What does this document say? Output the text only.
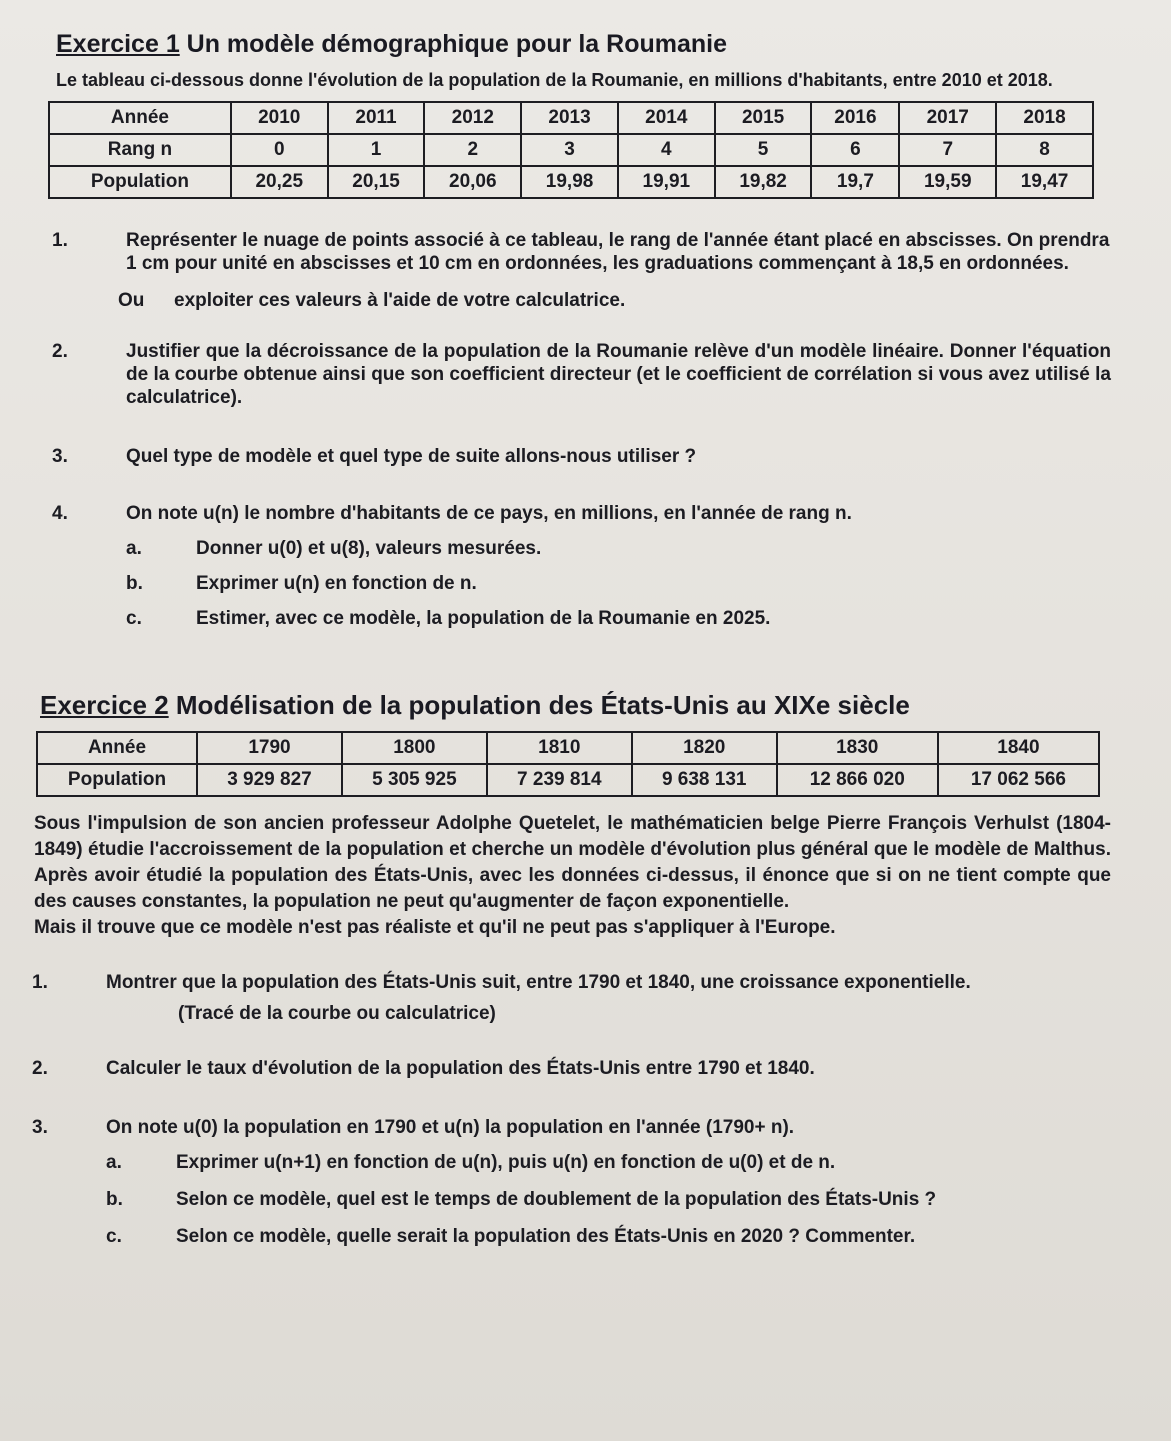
Exercice 1 Un modèle démographique pour la Roumanie

Le tableau ci-dessous donne l'évolution de la population de la Roumanie, en millions d'habitants, entre 2010 et 2018.

Année	2010	2011	2012	2013	2014	2015	2016	2017	2018
Rang n	0	1	2	3	4	5	6	7	8
Population	20,25	20,15	20,06	19,98	19,91	19,82	19,7	19,59	19,47
1.	Représenter le nuage de points associé à ce tableau, le rang de l'année étant placé en abscisses. On prendra 1 cm pour unité en abscisses et 10 cm en ordonnées, les graduations commençant à 18,5 en ordonnées.
Ou	exploiter ces valeurs à l'aide de votre calculatrice.
2.	Justifier que la décroissance de la population de la Roumanie relève d'un modèle linéaire. Donner l'équation de la courbe obtenue ainsi que son coefficient directeur (et le coefficient de corrélation si vous avez utilisé la calculatrice).
3.	Quel type de modèle et quel type de suite allons-nous utiliser ?
4.	On note u(n) le nombre d'habitants de ce pays, en millions, en l'année de rang n.
a.	Donner u(0) et u(8), valeurs mesurées.
b.	Exprimer u(n) en fonction de n.
c.	Estimer, avec ce modèle, la population de la Roumanie en 2025.
Exercice 2 Modélisation de la population des États-Unis au XIXe siècle
Année	1790	1800	1810	1820	1830	1840
Population	3 929 827	5 305 925	7 239 814	9 638 131	12 866 020	17 062 566
Sous l'impulsion de son ancien professeur Adolphe Quetelet, le mathématicien belge Pierre François Verhulst (1804-1849) étudie l'accroissement de la population et cherche un modèle d'évolution plus général que le modèle de Malthus. Après avoir étudié la population des États-Unis, avec les données ci-dessus, il énonce que si on ne tient compte que des causes constantes, la population ne peut qu'augmenter de façon exponentielle.
Mais il trouve que ce modèle n'est pas réaliste et qu'il ne peut pas s'appliquer à l'Europe.
1.	Montrer que la population des États-Unis suit, entre 1790 et 1840, une croissance exponentielle.
(Tracé de la courbe ou calculatrice)
2.	Calculer le taux d'évolution de la population des États-Unis entre 1790 et 1840.
3.	On note u(0) la population en 1790 et u(n) la population en l'année (1790+ n).
a.	Exprimer u(n+1) en fonction de u(n), puis u(n) en fonction de u(0) et de n.
b.	Selon ce modèle, quel est le temps de doublement de la population des États-Unis ?
c.	Selon ce modèle, quelle serait la population des États-Unis en 2020 ? Commenter.
